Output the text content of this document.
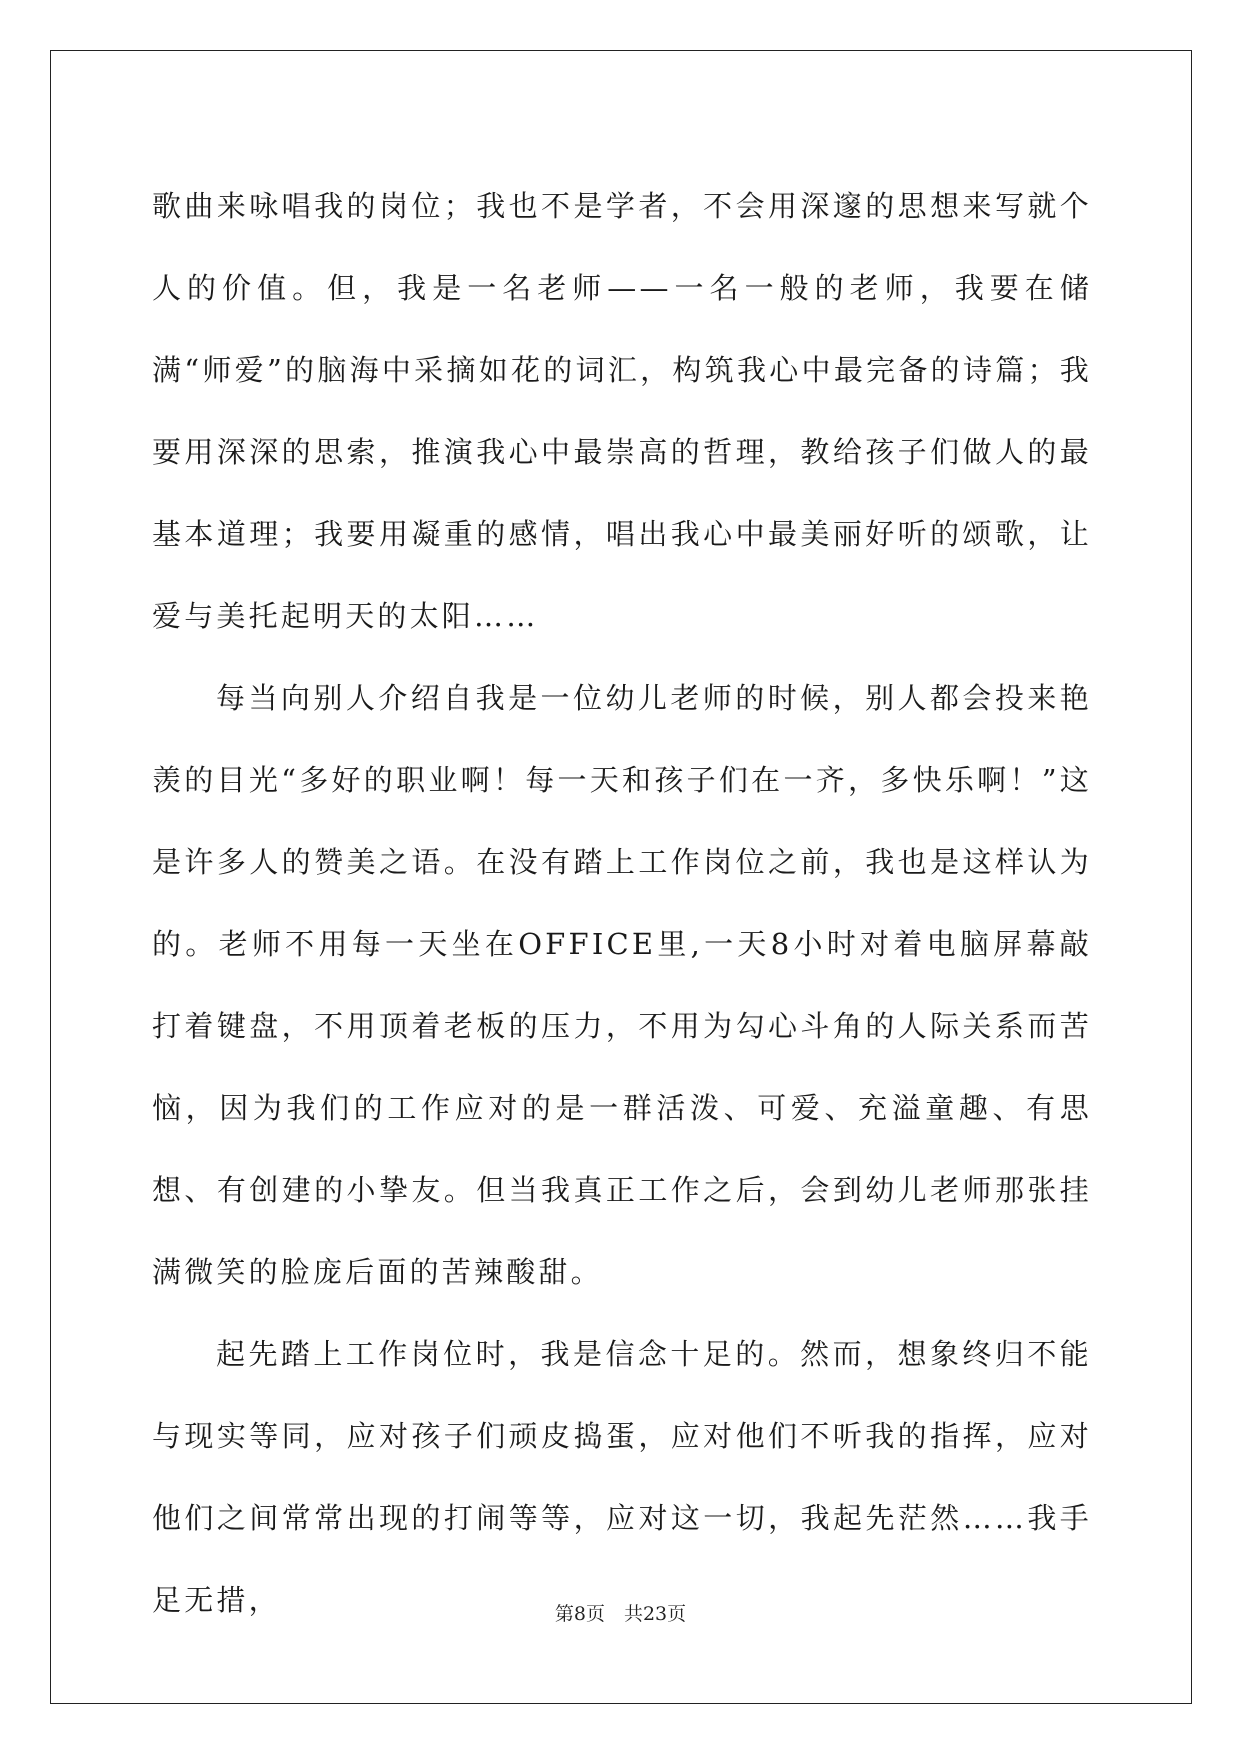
歌曲来咏唱我的岗位；我也不是学者，不会用深邃的思想来写就个人的价值。但，我是一名老师——一名一般的老师，我要在储满“师爱”的脑海中采摘如花的词汇，构筑我心中最完备的诗篇；我要用深深的思索，推演我心中最崇高的哲理，教给孩子们做人的最基本道理；我要用凝重的感情，唱出我心中最美丽好听的颂歌，让爱与美托起明天的太阳……

每当向别人介绍自我是一位幼儿老师的时候，别人都会投来艳羡的目光“多好的职业啊！每一天和孩子们在一齐，多快乐啊！”这是许多人的赞美之语。在没有踏上工作岗位之前，我也是这样认为的。老师不用每一天坐在OFFICE里,一天8小时对着电脑屏幕敲打着键盘，不用顶着老板的压力，不用为勾心斗角的人际关系而苦恼，因为我们的工作应对的是一群活泼、可爱、充溢童趣、有思想、有创建的小挚友。但当我真正工作之后，会到幼儿老师那张挂满微笑的脸庞后面的苦辣酸甜。

起先踏上工作岗位时，我是信念十足的。然而，想象终归不能与现实等同，应对孩子们顽皮捣蛋，应对他们不听我的指挥，应对他们之间常常出现的打闹等等，应对这一切，我起先茫然……我手足无措，	第8页　共23页
